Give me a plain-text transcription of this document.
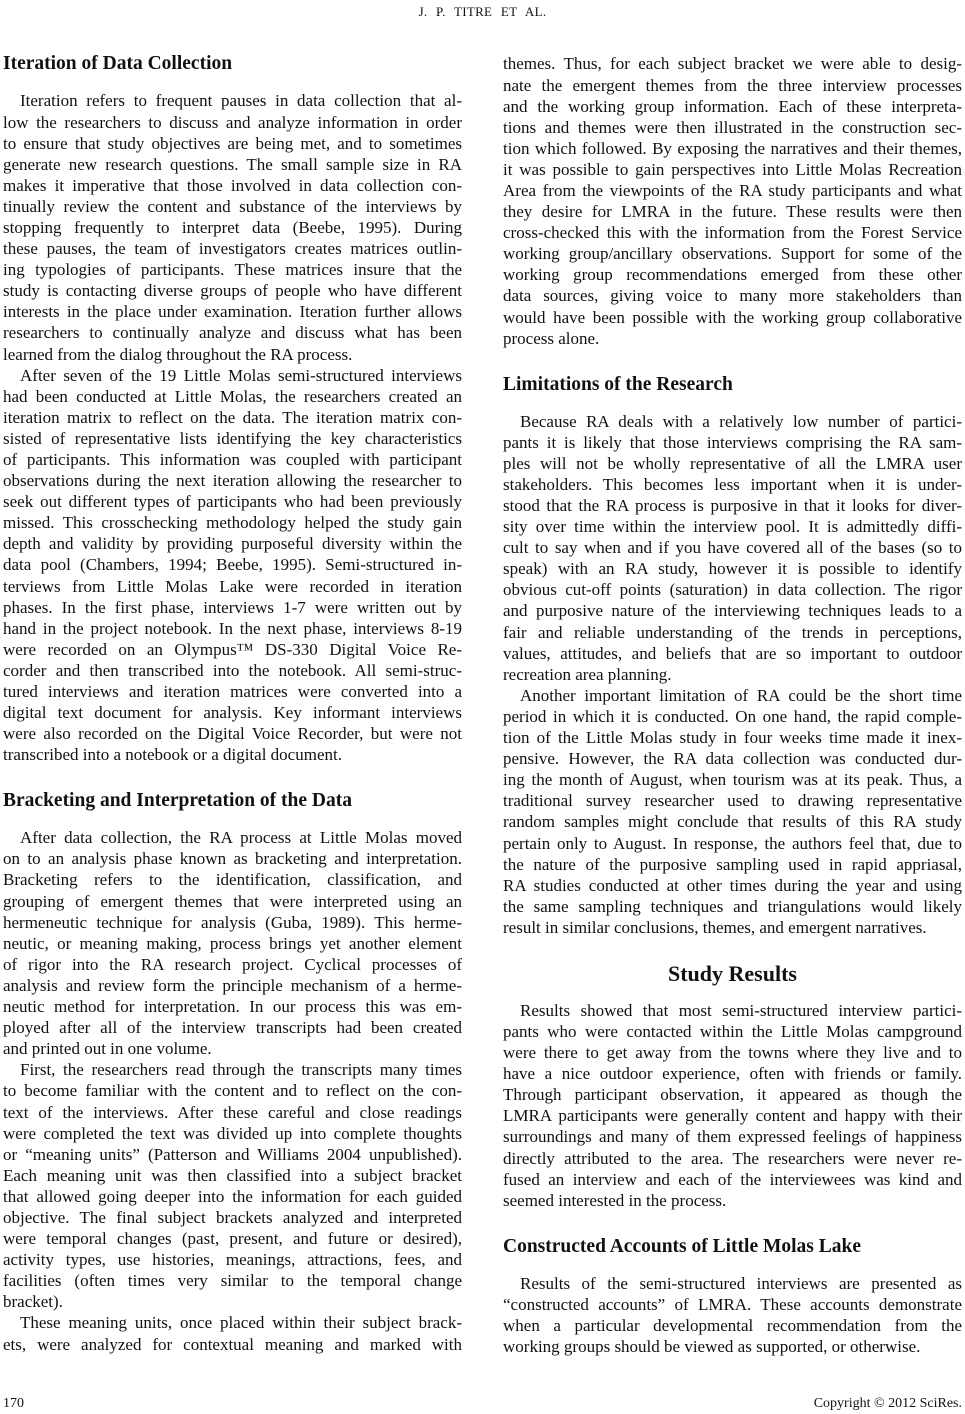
J. P. TITRE ET AL.
Iteration of Data Collection
Iteration refers to frequent pauses in data collection that al-
low the researchers to discuss and analyze information in order
to ensure that study objectives are being met, and to sometimes
generate new research questions. The small sample size in RA
makes it imperative that those involved in data collection con-
tinually review the content and substance of the interviews by
stopping frequently to interpret data (Beebe, 1995). During
these pauses, the team of investigators creates matrices outlin-
ing typologies of participants. These matrices insure that the
study is contacting diverse groups of people who have different
interests in the place under examination. Iteration further allows
researchers to continually analyze and discuss what has been
learned from the dialog throughout the RA process.
After seven of the 19 Little Molas semi-structured interviews
had been conducted at Little Molas, the researchers created an
iteration matrix to reflect on the data. The iteration matrix con-
sisted of representative lists identifying the key characteristics
of participants. This information was coupled with participant
observations during the next iteration allowing the researcher to
seek out different types of participants who had been previously
missed. This crosschecking methodology helped the study gain
depth and validity by providing purposeful diversity within the
data pool (Chambers, 1994; Beebe, 1995). Semi-structured in-
terviews from Little Molas Lake were recorded in iteration
phases. In the first phase, interviews 1-7 were written out by
hand in the project notebook. In the next phase, interviews 8-19
were recorded on an Olympus™ DS-330 Digital Voice Re-
corder and then transcribed into the notebook. All semi-struc-
tured interviews and iteration matrices were converted into a
digital text document for analysis. Key informant interviews
were also recorded on the Digital Voice Recorder, but were not
transcribed into a notebook or a digital document.
Bracketing and Interpretation of the Data
After data collection, the RA process at Little Molas moved
on to an analysis phase known as bracketing and interpretation.
Bracketing refers to the identification, classification, and
grouping of emergent themes that were interpreted using an
hermeneutic technique for analysis (Guba, 1989). This herme-
neutic, or meaning making, process brings yet another element
of rigor into the RA research project. Cyclical processes of
analysis and review form the principle mechanism of a herme-
neutic method for interpretation. In our process this was em-
ployed after all of the interview transcripts had been created
and printed out in one volume.
First, the researchers read through the transcripts many times
to become familiar with the content and to reflect on the con-
text of the interviews. After these careful and close readings
were completed the text was divided up into complete thoughts
or “meaning units” (Patterson and Williams 2004 unpublished).
Each meaning unit was then classified into a subject bracket
that allowed going deeper into the information for each guided
objective. The final subject brackets analyzed and interpreted
were temporal changes (past, present, and future or desired),
activity types, use histories, meanings, attractions, fees, and
facilities (often times very similar to the temporal change
bracket).
These meaning units, once placed within their subject brack-
ets, were analyzed for contextual meaning and marked with
themes. Thus, for each subject bracket we were able to desig-
nate the emergent themes from the three interview processes
and the working group information. Each of these interpreta-
tions and themes were then illustrated in the construction sec-
tion which followed. By exposing the narratives and their themes,
it was possible to gain perspectives into Little Molas Recreation
Area from the viewpoints of the RA study participants and what
they desire for LMRA in the future. These results were then
cross-checked this with the information from the Forest Service
working group/ancillary observations. Support for some of the
working group recommendations emerged from these other
data sources, giving voice to many more stakeholders than
would have been possible with the working group collaborative
process alone.
Limitations of the Research
Because RA deals with a relatively low number of partici-
pants it is likely that those interviews comprising the RA sam-
ples will not be wholly representative of all the LMRA user
stakeholders. This becomes less important when it is under-
stood that the RA process is purposive in that it looks for diver-
sity over time within the interview pool. It is admittedly diffi-
cult to say when and if you have covered all of the bases (so to
speak) with an RA study, however it is possible to identify
obvious cut-off points (saturation) in data collection. The rigor
and purposive nature of the interviewing techniques leads to a
fair and reliable understanding of the trends in perceptions,
values, attitudes, and beliefs that are so important to outdoor
recreation area planning.
Another important limitation of RA could be the short time
period in which it is conducted. On one hand, the rapid comple-
tion of the Little Molas study in four weeks time made it inex-
pensive. However, the RA data collection was conducted dur-
ing the month of August, when tourism was at its peak. Thus, a
traditional survey researcher used to drawing representative
random samples might conclude that results of this RA study
pertain only to August. In response, the authors feel that, due to
the nature of the purposive sampling used in rapid appriasal,
RA studies conducted at other times during the year and using
the same sampling techniques and triangulations would likely
result in similar conclusions, themes, and emergent narratives.
Study Results
Results showed that most semi-structured interview partici-
pants who were contacted within the Little Molas campground
were there to get away from the towns where they live and to
have a nice outdoor experience, often with friends or family.
Through participant observation, it appeared as though the
LMRA participants were generally content and happy with their
surroundings and many of them expressed feelings of happiness
directly attributed to the area. The researchers were never re-
fused an interview and each of the interviewees was kind and
seemed interested in the process.
Constructed Accounts of Little Molas Lake
Results of the semi-structured interviews are presented as
“constructed accounts” of LMRA. These accounts demonstrate
when a particular developmental recommendation from the
working groups should be viewed as supported, or otherwise.
170	Copyright © 2012 SciRes.
